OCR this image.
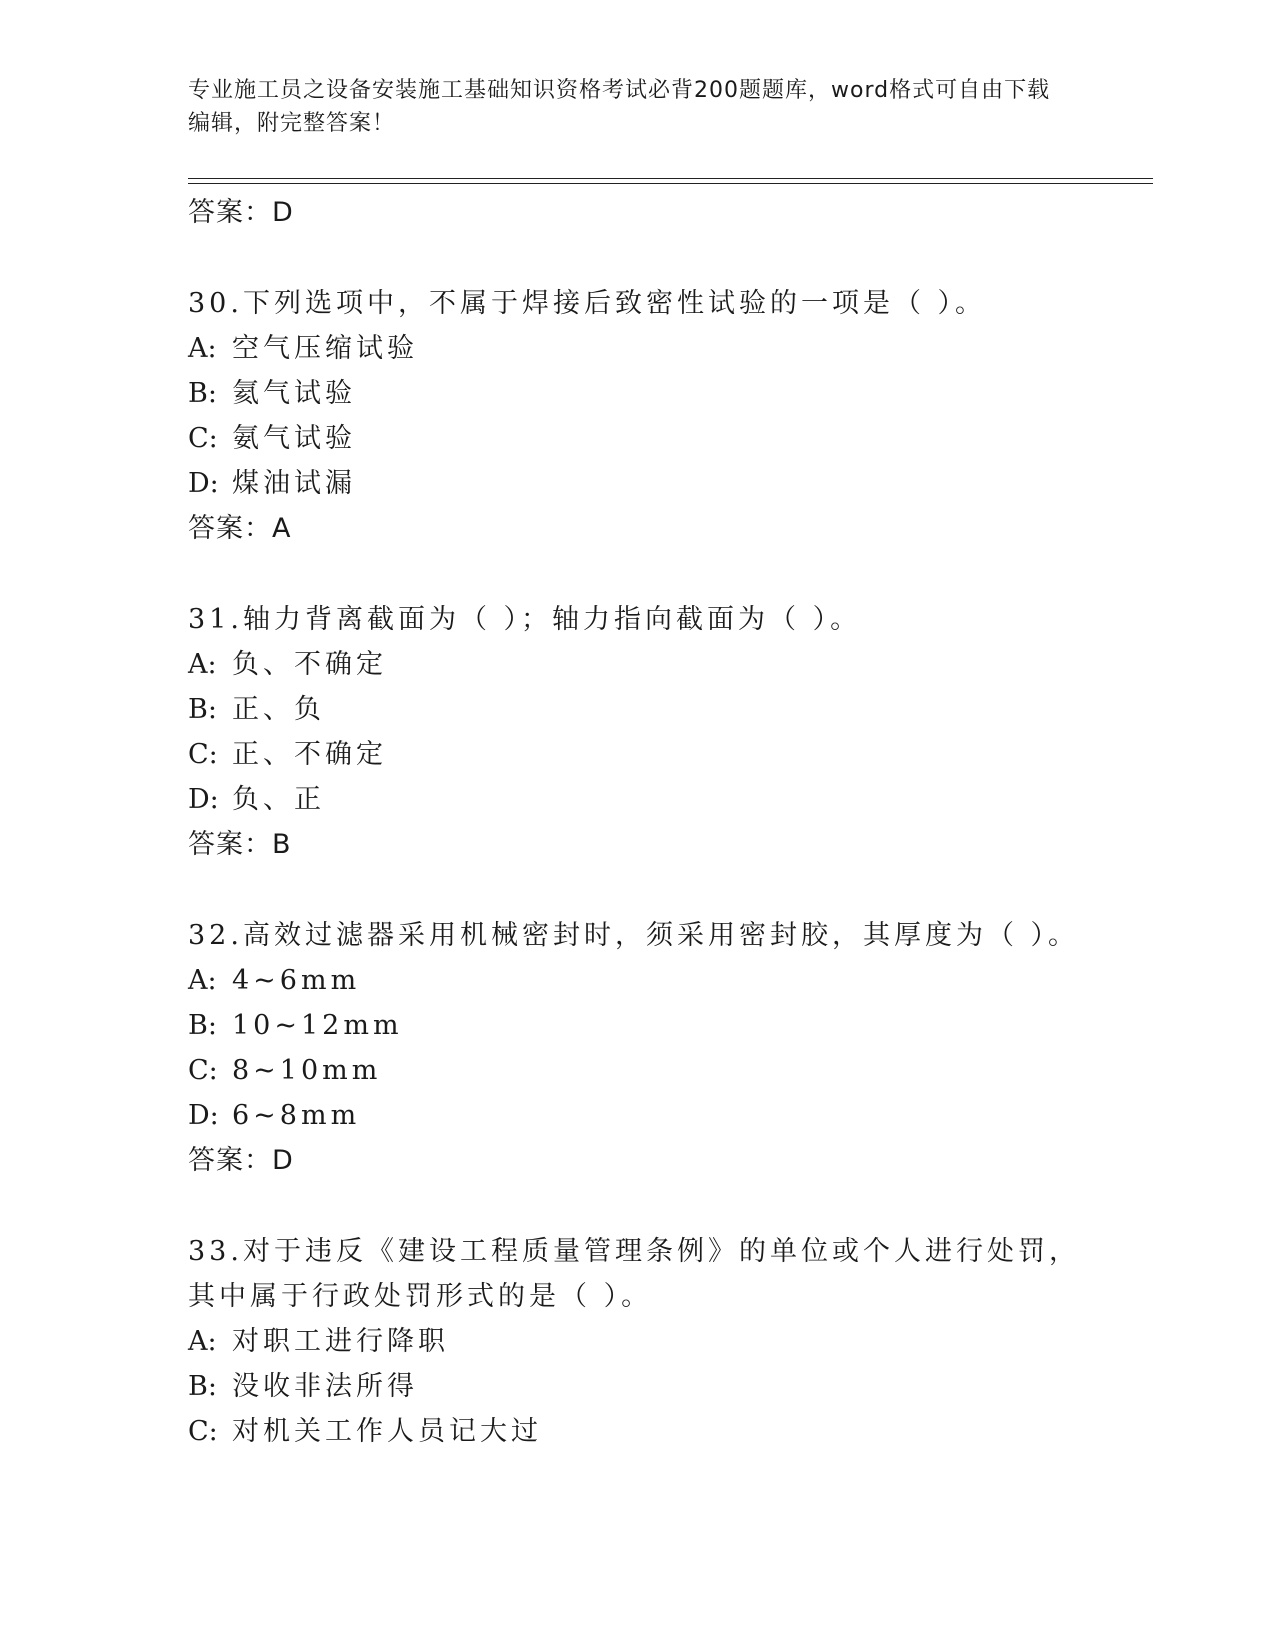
专业施工员之设备安装施工基础知识资格考试必背200题题库，word格式可自由下载编辑，附完整答案！
答案：D
30.下列选项中，不属于焊接后致密性试验的一项是（ ）。
A: 空气压缩试验
B: 氦气试验
C: 氨气试验
D: 煤油试漏
答案：A
31.轴力背离截面为（ ）；轴力指向截面为（ ）。
A: 负、不确定
B: 正、负
C: 正、不确定
D: 负、正
答案：B
32.高效过滤器采用机械密封时，须采用密封胶，其厚度为（ ）。
A: 4~6mm
B: 10~12mm
C: 8~10mm
D: 6~8mm
答案：D
33.对于违反《建设工程质量管理条例》的单位或个人进行处罚，其中属于行政处罚形式的是（ ）。
A: 对职工进行降职
B: 没收非法所得
C: 对机关工作人员记大过
